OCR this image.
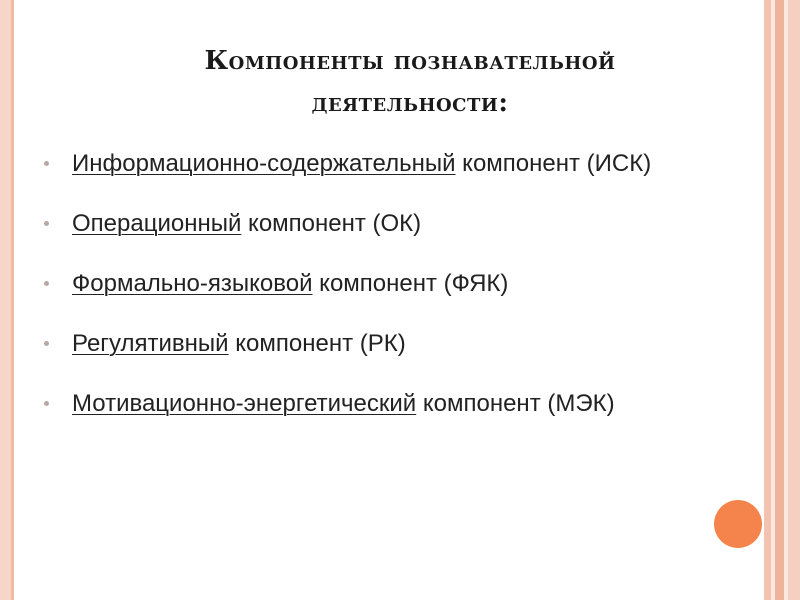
Компоненты познавательной
деятельности:
Информационно-содержательный компонент (ИСК)
Операционный компонент (ОК)
Формально-языковой компонент (ФЯК)
Регулятивный компонент (РК)
Мотивационно-энергетический компонент (МЭК)
